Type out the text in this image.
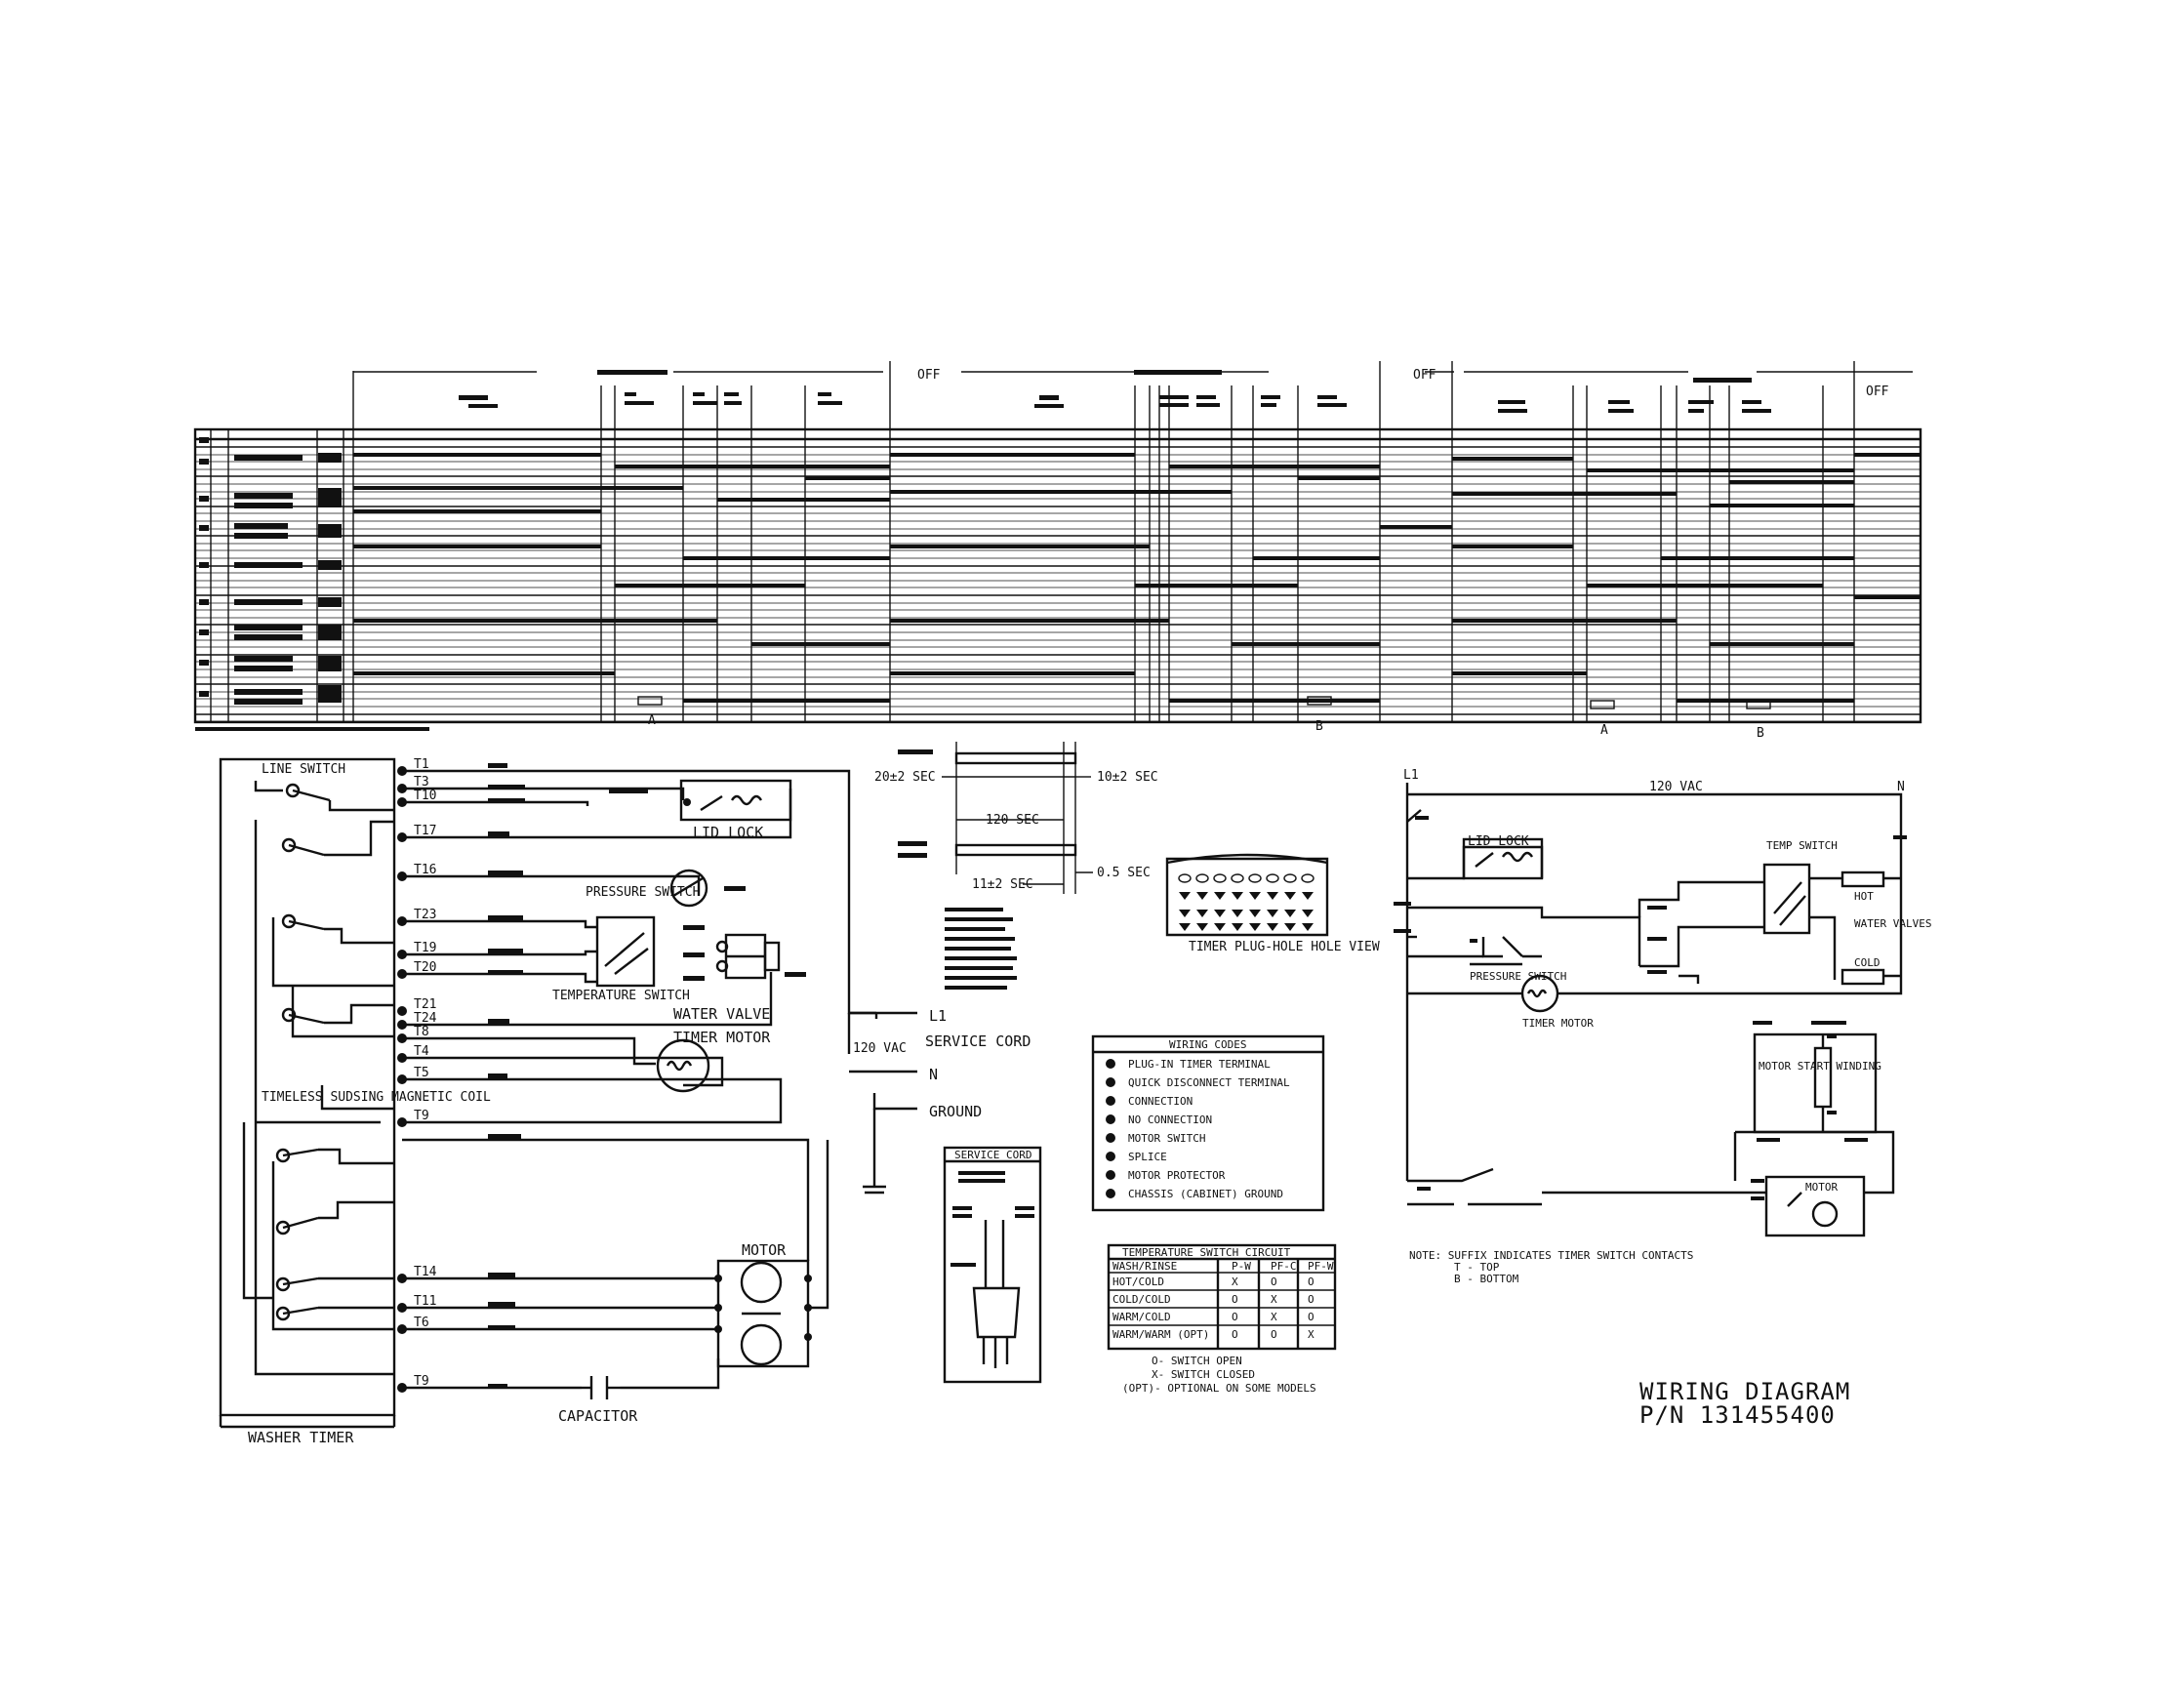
OFF	OFF
OFF
A	B	A	B
LINE SWITCH
WASHER TIMER
TIMELESS SUDSING MAGNETIC COIL
T1
T3
T10
T17
T16
T23
T19
T20
T21
T24
T8
T4
T5
T9
T14
T11
T6
T9
LID LOCK
PRESSURE SWITCH
TEMPERATURE SWITCH
WATER VALVE
TIMER MOTOR
L1
N
GROUND
120 VAC SERVICE CORD
MOTOR
CAPACITOR
20±2 SEC	10±2 SEC
120 SEC
11±2 SEC
0.5 SEC
TIMER PLUG-HOLE HOLE VIEW
WIRING CODES
PLUG-IN TIMER TERMINAL
QUICK DISCONNECT TERMINAL
CONNECTION
NO CONNECTION
MOTOR SWITCH
SPLICE
MOTOR PROTECTOR
CHASSIS (CABINET) GROUND
SERVICE CORD
TEMPERATURE SWITCH CIRCUIT
WASH/RINSE	P-W PF-C PF-W
HOT/COLD	X	O	O
COLD/COLD	O	X	O
WARM/COLD	O	X	O
WARM/WARM (OPT) O	O	X
O- SWITCH OPEN
X- SWITCH CLOSED
(OPT)- OPTIONAL ON SOME MODELS
L1
120 VAC	N
LID LOCK
PRESSURE SWITCH
TIMER MOTOR
TEMP SWITCH
HOT
WATER VALVES
COLD
MOTOR START WINDING
MOTOR
NOTE: SUFFIX INDICATES TIMER SWITCH CONTACTS
T - TOP
B - BOTTOM
WIRING DIAGRAM
P/N 131455400
